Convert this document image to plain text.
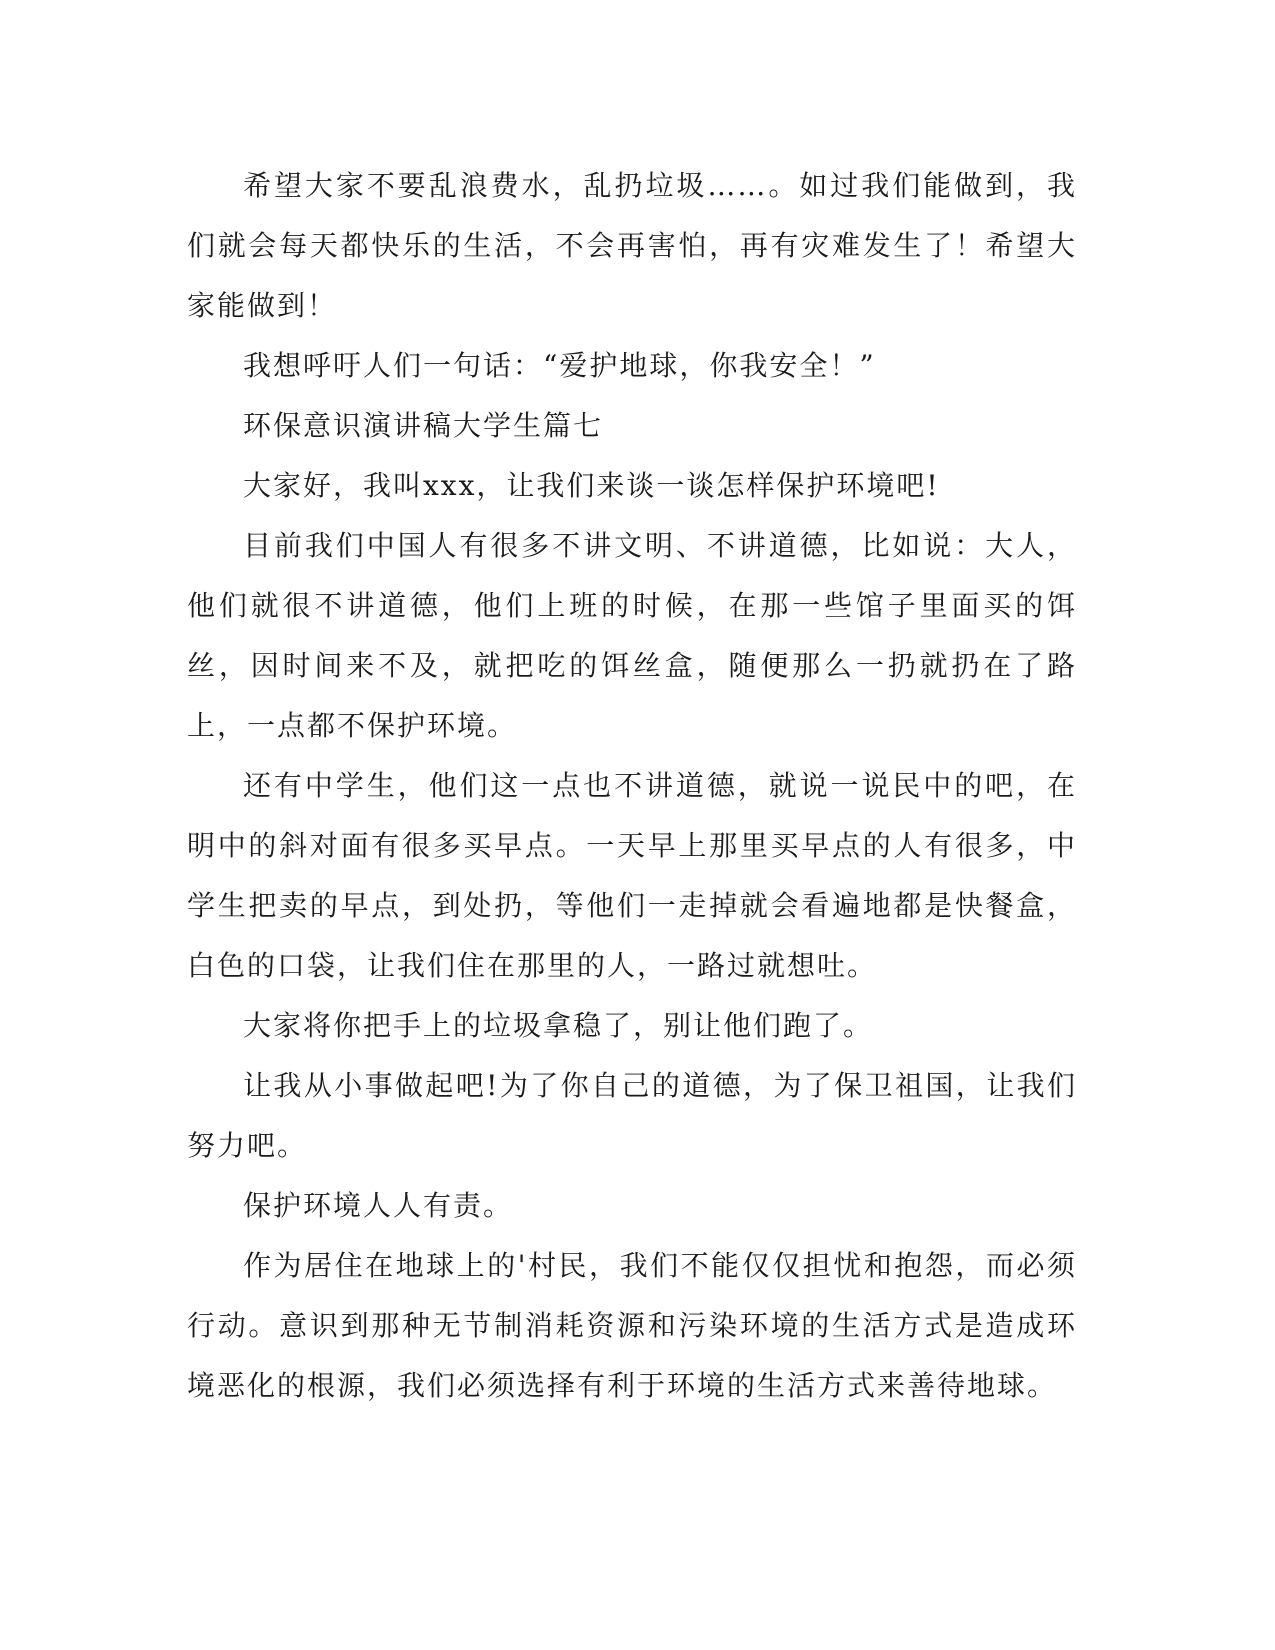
希望大家不要乱浪费水，乱扔垃圾……。如过我们能做到，我们就会每天都快乐的生活，不会再害怕，再有灾难发生了！希望大家能做到！

我想呼吁人们一句话：“爱护地球，你我安全！”

环保意识演讲稿大学生篇七

大家好，我叫xxx，让我们来谈一谈怎样保护环境吧!

目前我们中国人有很多不讲文明、不讲道德，比如说：大人，他们就很不讲道德，他们上班的时候，在那一些馆子里面买的饵丝，因时间来不及，就把吃的饵丝盒，随便那么一扔就扔在了路上，一点都不保护环境。

还有中学生，他们这一点也不讲道德，就说一说民中的吧，在明中的斜对面有很多买早点。一天早上那里买早点的人有很多，中学生把卖的早点，到处扔，等他们一走掉就会看遍地都是快餐盒，白色的口袋，让我们住在那里的人，一路过就想吐。

大家将你把手上的垃圾拿稳了，别让他们跑了。

让我从小事做起吧!为了你自己的道德，为了保卫祖国，让我们努力吧。

保护环境人人有责。

作为居住在地球上的'村民，我们不能仅仅担忧和抱怨，而必须行动。意识到那种无节制消耗资源和污染环境的生活方式是造成环境恶化的根源，我们必须选择有利于环境的生活方式来善待地球。
